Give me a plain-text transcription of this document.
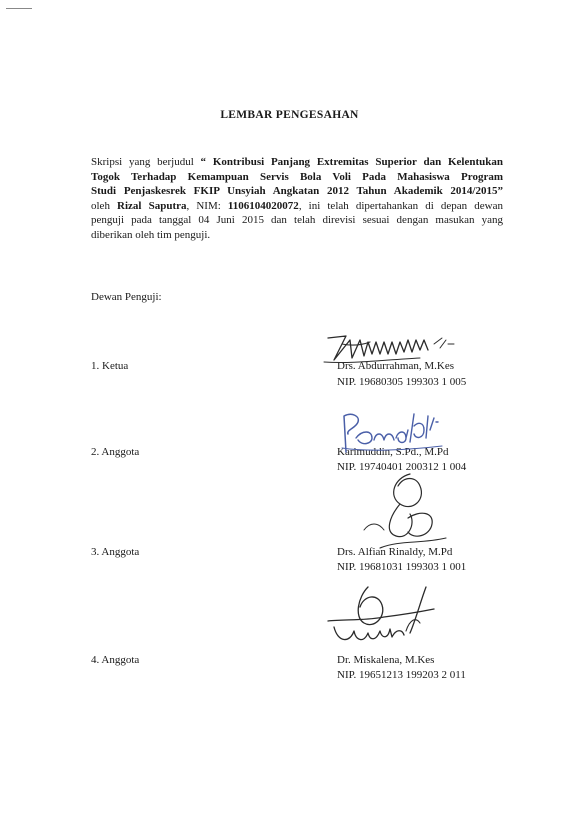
LEMBAR PENGESAHAN
Skripsi yang berjudul “ Kontribusi Panjang Extremitas Superior dan Kelentukan
Togok Terhadap Kemampuan Servis Bola Voli Pada Mahasiswa Program
Studi Penjaskesrek FKIP Unsyiah Angkatan 2012 Tahun Akademik 2014/2015”
oleh Rizal Saputra, NIM: 1106104020072, ini telah dipertahankan di depan dewan
penguji pada tanggal 04 Juni 2015 dan telah direvisi sesuai dengan masukan yang
diberikan oleh tim penguji.
Dewan Penguji:
1. Ketua	Drs. Abdurrahman, M.Kes
NIP. 19680305 199303 1 005
2. Anggota	Karimuddin, S.Pd., M.Pd
NIP. 19740401 200312 1 004
3. Anggota	Drs. Alfian Rinaldy, M.Pd
NIP. 19681031 199303 1 001
4. Anggota	Dr. Miskalena, M.Kes
NIP. 19651213 199203 2 011
